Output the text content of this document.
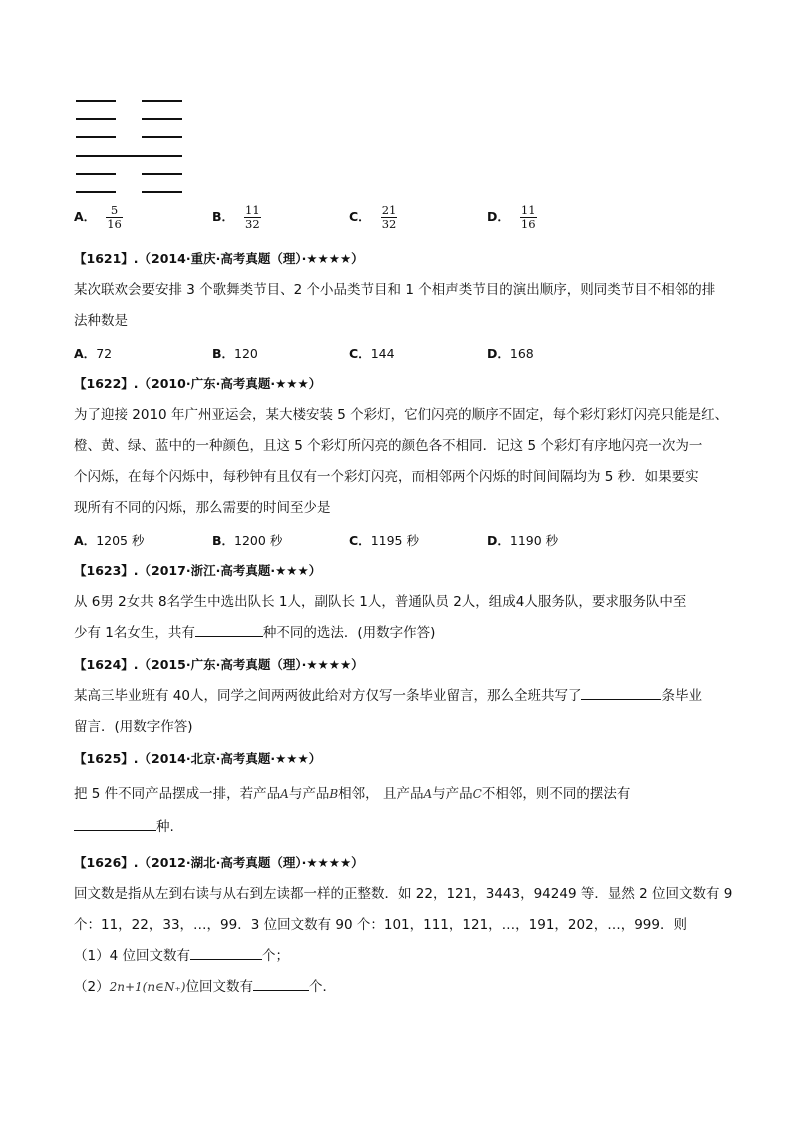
A． $\frac{5}{16}$	B． $\frac{11}{32}$	C． $\frac{21}{32}$	D． $\frac{11}{16}$
【1621】.（2014·重庆·高考真题（理）·★★★★）
某次联欢会要安排 3 个歌舞类节目、2 个小品类节目和 1 个相声类节目的演出顺序，则同类节目不相邻的排
法种数是
A．72	B．120	C．144	D．168
【1622】.（2010·广东·高考真题·★★★）
为了迎接 2010 年广州亚运会，某大楼安装 5 个彩灯，它们闪亮的顺序不固定，每个彩灯彩灯闪亮只能是红、
橙、黄、绿、蓝中的一种颜色，且这 5 个彩灯所闪亮的颜色各不相同．记这 5 个彩灯有序地闪亮一次为一
个闪烁，在每个闪烁中，每秒钟有且仅有一个彩灯闪亮，而相邻两个闪烁的时间间隔均为 5 秒．如果要实
现所有不同的闪烁，那么需要的时间至少是
A．1205 秒	B．1200 秒	C．1195 秒	D．1190 秒
【1623】.（2017·浙江·高考真题·★★★）
从 6男 2女共 8名学生中选出队长 1人，副队长 1人，普通队员 2人，组成4人服务队，要求服务队中至
少有 1名女生，共有	种不同的选法．(用数字作答)
【1624】.（2015·广东·高考真题（理）·★★★★）
某高三毕业班有 40人，同学之间两两彼此给对方仅写一条毕业留言，那么全班共写了	条毕业
留言．(用数字作答)
【1625】.（2014·北京·高考真题·★★★）
把 5 件不同产品摆成一排，若产品A与产品B相邻， 且产品A与产品C不相邻，则不同的摆法有
种.
【1626】.（2012·湖北·高考真题（理）·★★★★）
回文数是指从左到右读与从右到左读都一样的正整数．如 22，121，3443，94249 等．显然 2 位回文数有 9
个：11，22，33，…，99．3 位回文数有 90 个：101，111，121，…，191，202，…，999．则
（1）4 位回文数有	个；
（2）2n+1(n∈N₊)位回文数有	个．
